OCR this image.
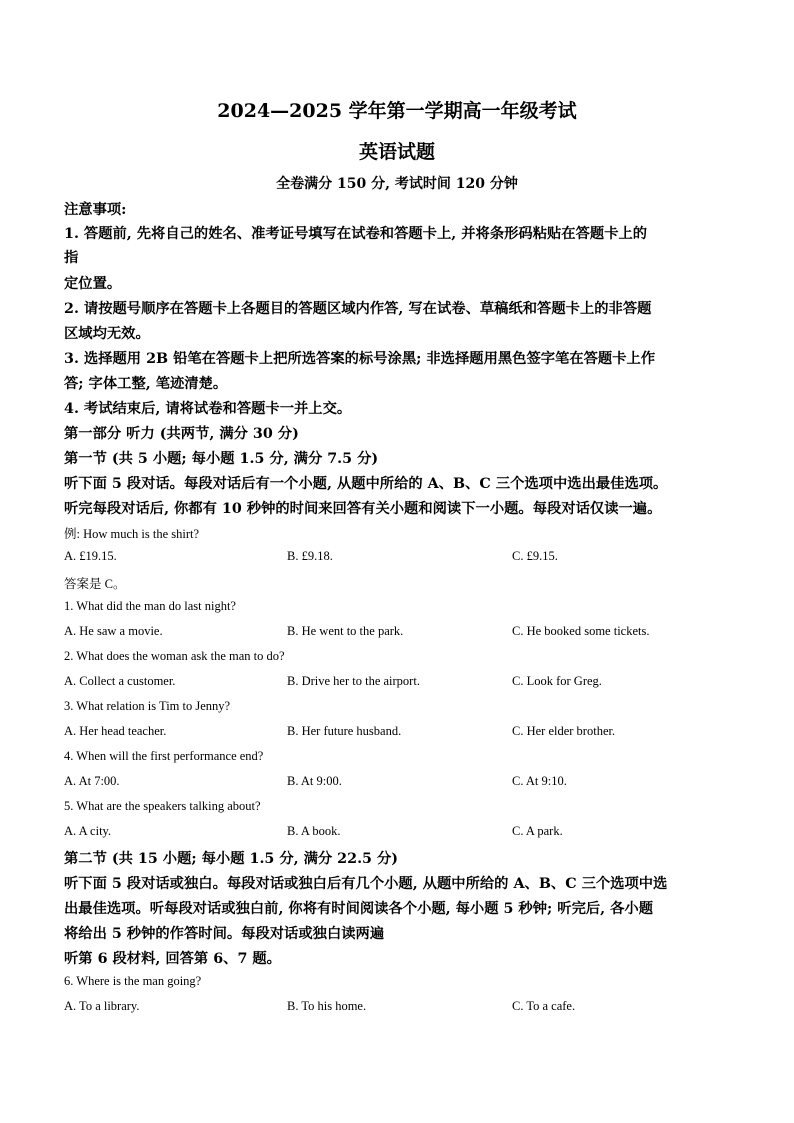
2024—2025 学年第一学期高一年级考试
英语试题
全卷满分 150 分, 考试时间 120 分钟
注意事项:
1. 答题前, 先将自己的姓名、准考证号填写在试卷和答题卡上, 并将条形码粘贴在答题卡上的
指
定位置。
2. 请按题号顺序在答题卡上各题目的答题区域内作答, 写在试卷、草稿纸和答题卡上的非答题
区域均无效。
3. 选择题用 2B 铅笔在答题卡上把所选答案的标号涂黑; 非选择题用黑色签字笔在答题卡上作
答; 字体工整, 笔迹清楚。
4. 考试结束后, 请将试卷和答题卡一并上交。
第一部分 听力 (共两节, 满分 30 分)
第一节 (共 5 小题; 每小题 1.5 分, 满分 7.5 分)
听下面 5 段对话。每段对话后有一个小题, 从题中所给的 A、B、C 三个选项中选出最佳选项。
听完每段对话后, 你都有 10 秒钟的时间来回答有关小题和阅读下一小题。每段对话仅读一遍。
例: How much is the shirt?
A. £19.15.	B. £9.18.	C. £9.15.
答案是 C。
1. What did the man do last night?
A. He saw a movie.	B. He went to the park.	C. He booked some tickets.
2. What does the woman ask the man to do?
A. Collect a customer.	B. Drive her to the airport.	C. Look for Greg.
3. What relation is Tim to Jenny?
A. Her head teacher.	B. Her future husband.	C. Her elder brother.
4. When will the first performance end?
A. At 7:00.	B. At 9:00.	C. At 9:10.
5. What are the speakers talking about?
A. A city.	B. A book.	C. A park.
第二节 (共 15 小题; 每小题 1.5 分, 满分 22.5 分)
听下面 5 段对话或独白。每段对话或独白后有几个小题, 从题中所给的 A、B、C 三个选项中选
出最佳选项。听每段对话或独白前, 你将有时间阅读各个小题, 每小题 5 秒钟; 听完后, 各小题
将给出 5 秒钟的作答时间。每段对话或独白读两遍
听第 6 段材料, 回答第 6、7 题。
6. Where is the man going?
A. To a library.	B. To his home.	C. To a cafe.
